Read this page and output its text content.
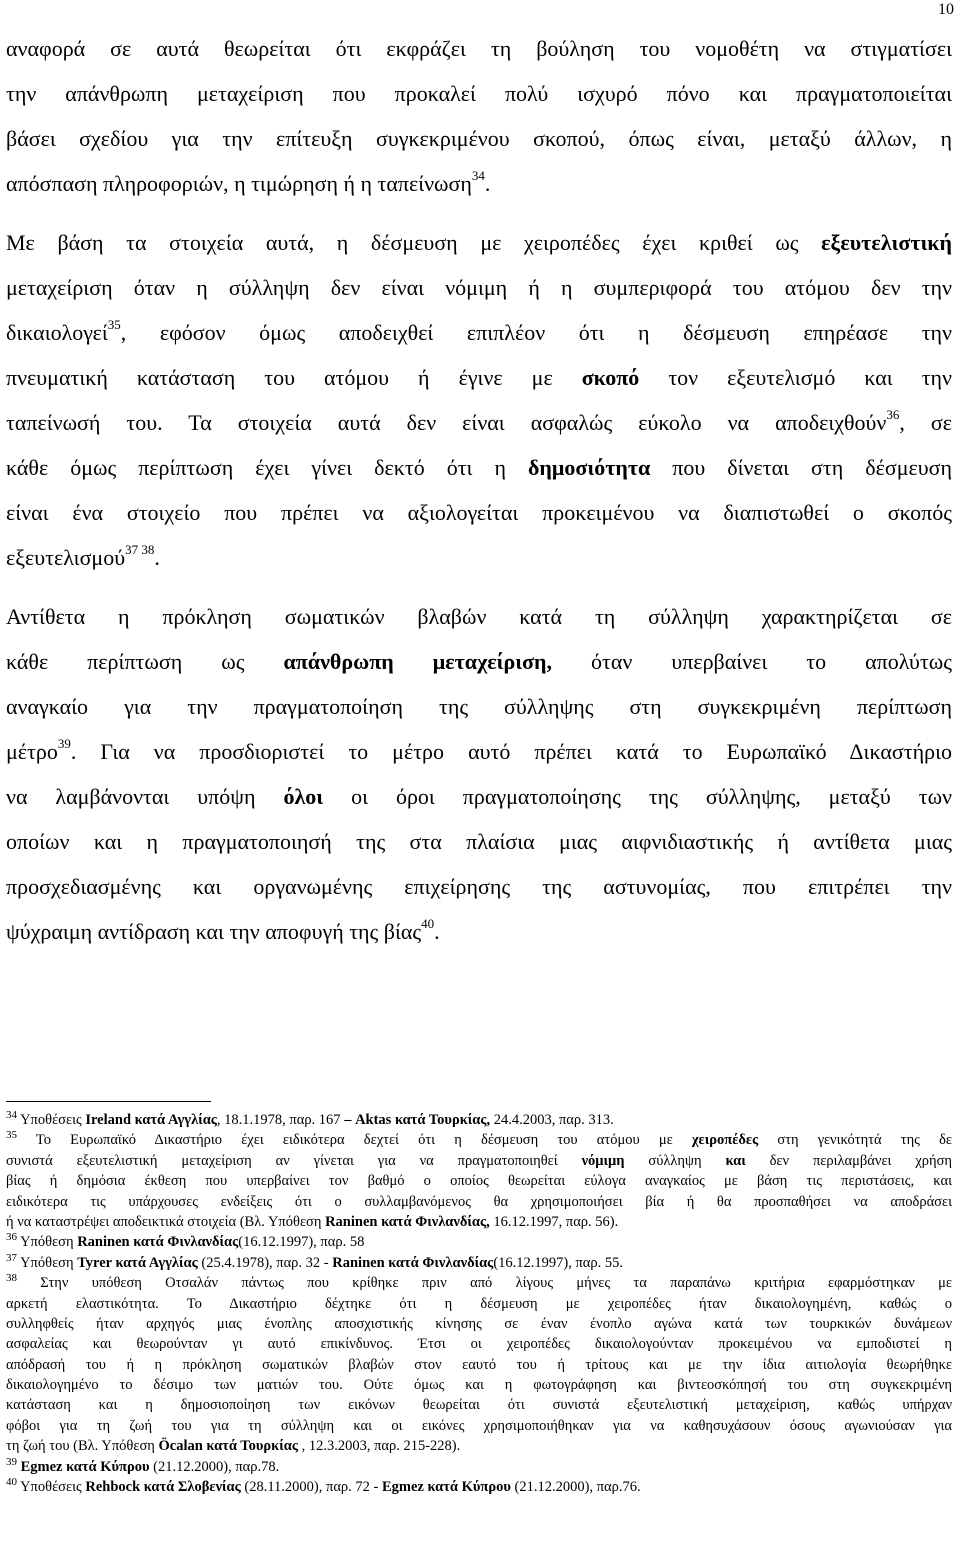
10
αναφορά σε αυτά θεωρείται ότι εκφράζει τη βούληση του νομοθέτη να στιγματίσει
την απάνθρωπη μεταχείριση που προκαλεί πολύ ισχυρό πόνο και πραγματοποιείται
βάσει σχεδίου για την επίτευξη συγκεκριμένου σκοπού, όπως είναι, μεταξύ άλλων, η
απόσπαση πληροφοριών, η τιμώρηση ή η ταπείνωση$^{34}$.
Με βάση τα στοιχεία αυτά, η δέσμευση με χειροπέδες έχει κριθεί ως εξευτελιστική
μεταχείριση όταν η σύλληψη δεν είναι νόμιμη ή η συμπεριφορά του ατόμου δεν την
δικαιολογεί$^{35}$, εφόσον όμως αποδειχθεί επιπλέον ότι η δέσμευση επηρέασε την
πνευματική κατάσταση του ατόμου ή έγινε με σκοπό τον εξευτελισμό και την
ταπείνωσή του. Τα στοιχεία αυτά δεν είναι ασφαλώς εύκολο να αποδειχθούν$^{36}$, σε
κάθε όμως περίπτωση έχει γίνει δεκτό ότι η δημοσιότητα που δίνεται στη δέσμευση
είναι ένα στοιχείο που πρέπει να αξιολογείται προκειμένου να διαπιστωθεί ο σκοπός
εξευτελισμού$^{37 38}$.
Αντίθετα η πρόκληση σωματικών βλαβών κατά τη σύλληψη χαρακτηρίζεται σε
κάθε περίπτωση ως απάνθρωπη μεταχείριση, όταν υπερβαίνει το απολύτως
αναγκαίο για την πραγματοποίηση της σύλληψης στη συγκεκριμένη περίπτωση
μέτρο$^{39}$. Για να προσδιοριστεί το μέτρο αυτό πρέπει κατά το Ευρωπαϊκό Δικαστήριο
να λαμβάνονται υπόψη όλοι οι όροι πραγματοποίησης της σύλληψης, μεταξύ των
οποίων και η πραγματοποιησή της στα πλαίσια μιας αιφνιδιαστικής ή αντίθετα μιας
προσχεδιασμένης και οργανωμένης επιχείρησης της αστυνομίας, που επιτρέπει την
ψύχραιμη αντίδραση και την αποφυγή της βίας$^{40}$.
$^{34}$ Υποθέσεις Ireland κατά Αγγλίας, 18.1.1978, παρ. 167 – Aktas κατά Τουρκίας, 24.4.2003, παρ. 313.
$^{35}$ Το Ευρωπαϊκό Δικαστήριο έχει ειδικότερα δεχτεί ότι η δέσμευση του ατόμου με χειροπέδες στη γενικότητά της δε
συνιστά εξευτελιστική μεταχείριση αν γίνεται για να πραγματοποιηθεί νόμιμη σύλληψη και δεν περιλαμβάνει χρήση
βίας ή δημόσια έκθεση που υπερβαίνει τον βαθμό ο οποίος θεωρείται εύλογα αναγκαίος με βάση τις περιστάσεις, και
ειδικότερα τις υπάρχουσες ενδείξεις ότι ο συλλαμβανόμενος θα χρησιμοποιήσει βία ή θα προσπαθήσει να αποδράσει
ή να καταστρέψει αποδεικτικά στοιχεία (Βλ. Υπόθεση Raninen κατά Φινλανδίας, 16.12.1997, παρ. 56).
$^{36}$ Υπόθεση Raninen κατά Φινλανδίας(16.12.1997), παρ. 58
$^{37}$ Υπόθεση Tyrer κατά Αγγλίας (25.4.1978), παρ. 32 - Raninen κατά Φινλανδίας(16.12.1997), παρ. 55.
$^{38}$ Στην υπόθεση Οτσαλάν πάντως που κρίθηκε πριν από λίγους μήνες τα παραπάνω κριτήρια εφαρμόστηκαν με
αρκετή ελαστικότητα. Το Δικαστήριο δέχτηκε ότι η δέσμευση με χειροπέδες ήταν δικαιολογημένη, καθώς ο
συλληφθείς ήταν αρχηγός μιας ένοπλης αποσχιστικής κίνησης σε έναν ένοπλο αγώνα κατά των τουρκικών δυνάμεων
ασφαλείας και θεωρούνταν γι αυτό επικίνδυνος. Έτσι οι χειροπέδες δικαιολογούνταν προκειμένου να εμποδιστεί η
απόδρασή του ή η πρόκληση σωματικών βλαβών στον εαυτό του ή τρίτους και με την ίδια αιτιολογία θεωρήθηκε
δικαιολογημένο το δέσιμο των ματιών του. Ούτε όμως και η φωτογράφηση και βιντεοσκόπησή του στη συγκεκριμένη
κατάσταση και η δημοσιοποίηση των εικόνων θεωρείται ότι συνιστά εξευτελιστική μεταχείριση, καθώς υπήρχαν
φόβοι για τη ζωή του για τη σύλληψη και οι εικόνες χρησιμοποιήθηκαν για να καθησυχάσουν όσους αγωνιούσαν για
τη ζωή του (Βλ. Υπόθεση Öcalan κατά Τουρκίας , 12.3.2003, παρ. 215-228).
$^{39}$ Egmez κατά Κύπρου (21.12.2000), παρ.78.
$^{40}$ Υποθέσεις Rehbock κατά Σλοβενίας (28.11.2000), παρ. 72 - Egmez κατά Κύπρου (21.12.2000), παρ.76.
